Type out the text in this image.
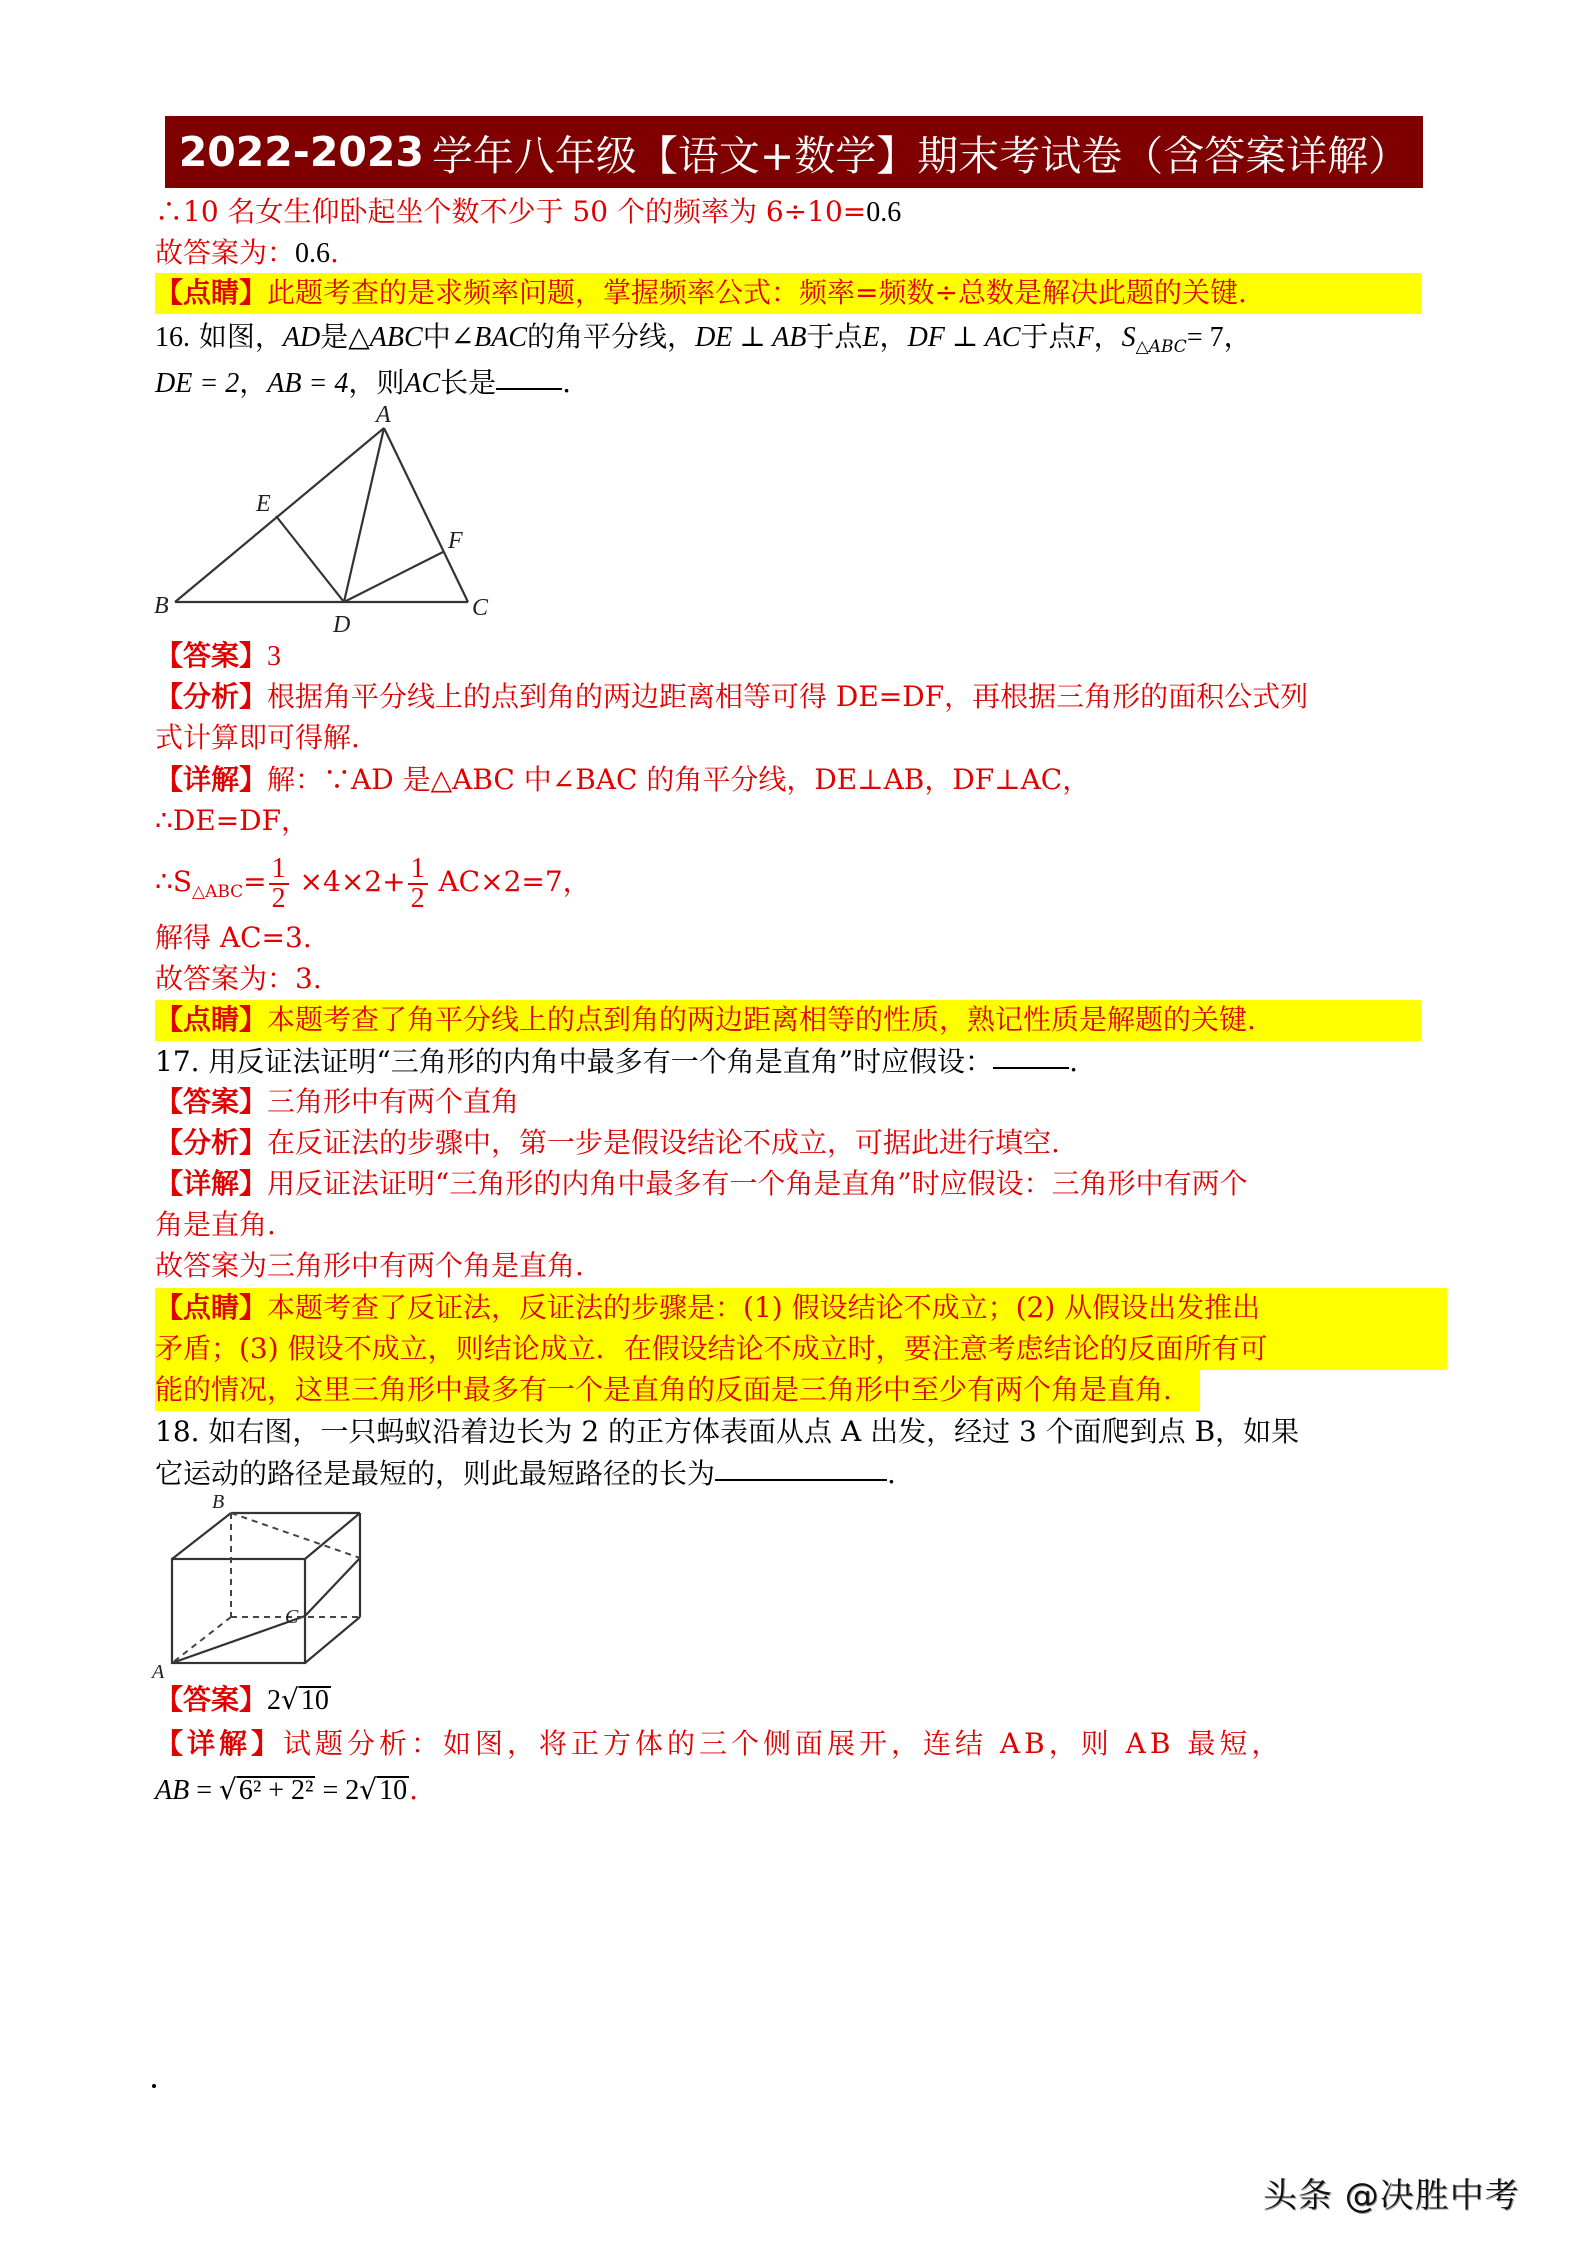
2022-2023 学年八年级【语文+数学】期末考试卷（含答案详解）
∴10 名女生仰卧起坐个数不少于 50 个的频率为 6÷10=0.6
故答案为：0.6.
【点睛】此题考查的是求频率问题，掌握频率公式：频率=频数÷总数是解决此题的关键.
16. 如图，AD是△ABC中∠BAC的角平分线，DE ⊥ AB于点E，DF ⊥ AC于点F，$S_{\triangle ABC}= 7$，
DE = 2，AB = 4，则AC长是 .
A
B	C
D
E
F
【答案】3
【分析】根据角平分线上的点到角的两边距离相等可得 DE=DF，再根据三角形的面积公式列
式计算即可得解.
【详解】解：∵AD 是△ABC 中∠BAC 的角平分线，DE⊥AB，DF⊥AC，
∴DE=DF，
$\therefore S_{\triangle ABC}= \frac{1}{2} \times 4\times 2+ \frac{1}{2} AC\times 2=7$，
解得 AC=3.
故答案为：3.
【点睛】本题考查了角平分线上的点到角的两边距离相等的性质，熟记性质是解题的关键.
17. 用反证法证明“三角形的内角中最多有一个角是直角”时应假设：	.
【答案】三角形中有两个直角
【分析】在反证法的步骤中，第一步是假设结论不成立，可据此进行填空.
【详解】用反证法证明“三角形的内角中最多有一个角是直角”时应假设：三角形中有两个
角是直角.
故答案为三角形中有两个角是直角.
【点睛】本题考查了反证法，反证法的步骤是：(1) 假设结论不成立；(2) 从假设出发推出
矛盾；(3) 假设不成立，则结论成立．在假设结论不成立时，要注意考虑结论的反面所有可
能的情况，这里三角形中最多有一个是直角的反面是三角形中至少有两个角是直角.
18. 如右图，一只蚂蚁沿着边长为 2 的正方体表面从点 A 出发，经过 3 个面爬到点 B，如果
它运动的路径是最短的，则此最短路径的长为	.
B
C
A
【答案】2√10
【详解】试题分析：如图，将正方体的三个侧面展开，连结 AB，则 AB 最短，
AB = √6² + 2² = 2√10.
头条 @决胜中考
